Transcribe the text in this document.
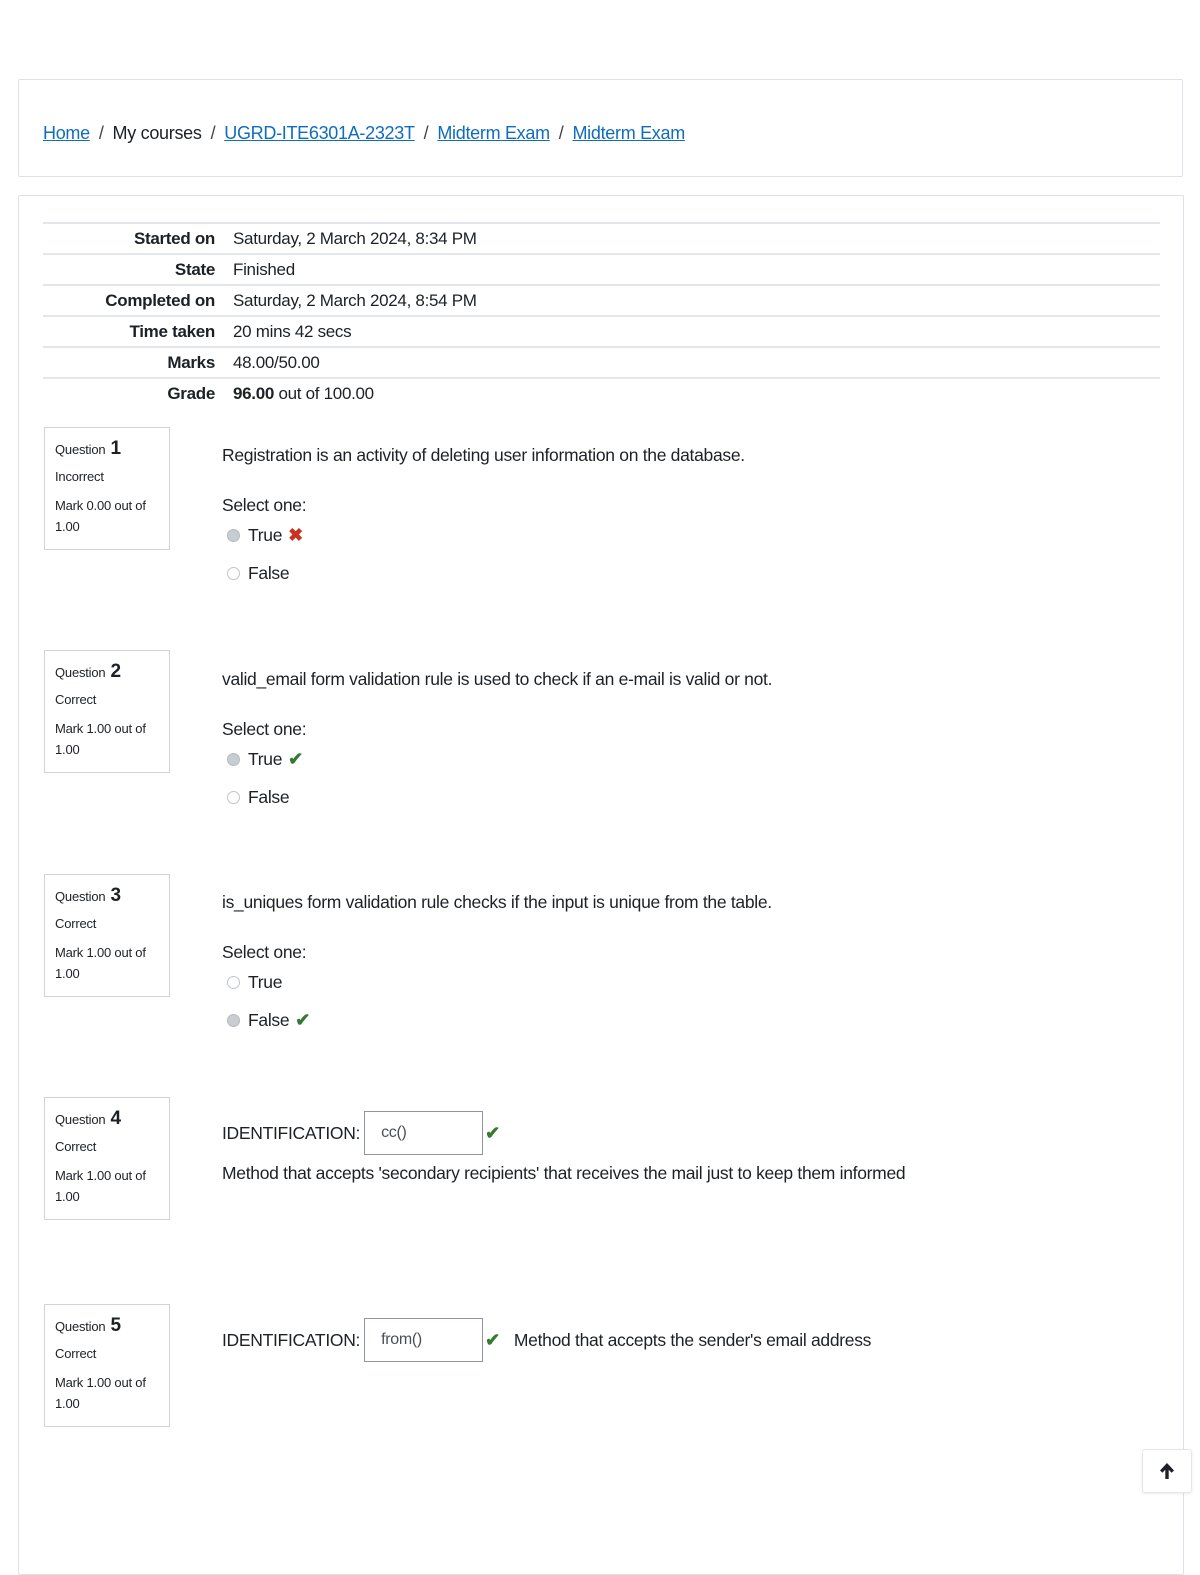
Home / My courses / UGRD-ITE6301A-2323T / Midterm Exam / Midterm Exam
Started on	Saturday, 2 March 2024, 8:34 PM
State	Finished
Completed on	Saturday, 2 March 2024, 8:54 PM
Time taken	20 mins 42 secs
Marks	48.00/50.00
Grade	96.00 out of 100.00
Question 1
Incorrect
Mark 0.00 out of 1.00
Registration is an activity of deleting user information on the database.
Select one:
True ✖
False
Question 2
Correct
Mark 1.00 out of 1.00
valid_email form validation rule is used to check if an e-mail is valid or not.
Select one:
True ✔
False
Question 3
Correct
Mark 1.00 out of 1.00
is_uniques form validation rule checks if the input is unique from the table.
Select one:
True
False ✔
Question 4
Correct
Mark 1.00 out of 1.00
IDENTIFICATION:
cc()	✔
Method that accepts 'secondary recipients' that receives the mail just to keep them informed
Question 5
Correct
Mark 1.00 out of 1.00
IDENTIFICATION:
from()	✔ Method that accepts the sender's email address
